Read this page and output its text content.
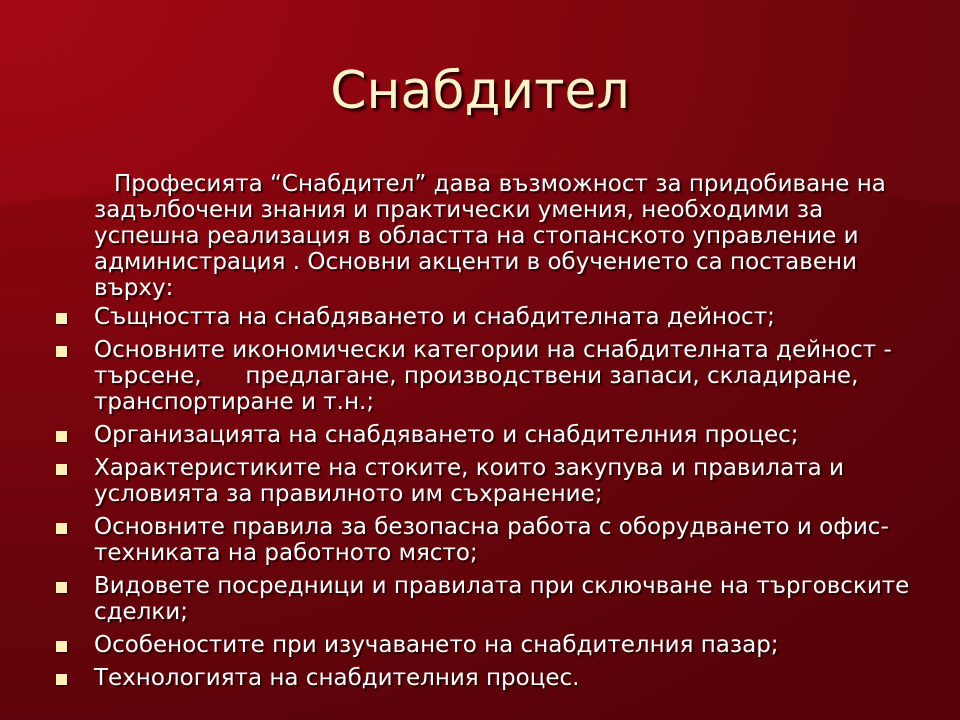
Снабдител

Професията “Снабдител” дава възможност за придобиване на задълбочени знания и практически умения, необходими за успешна реализация в областта на стопанското управление и администрация . Основни акценти в обучението са поставени върху:

Същността на снабдяването и снабдителната дейност;
Основните икономически категории на снабдителната дейност - търсене,      предлагане, производствени запаси, складиране, транспортиране и т.н.;
Организацията на снабдяването и снабдителния процес;
Характеристиките на стоките, които закупува и правилата и условията за правилното им съхранение;
Основните правила за безопасна работа с оборудването и офис-техниката на работното място;
Видовете посредници и правилата при сключване на търговските сделки;
Особеностите при изучаването на снабдителния пазар;
Технологията на снабдителния процес.
